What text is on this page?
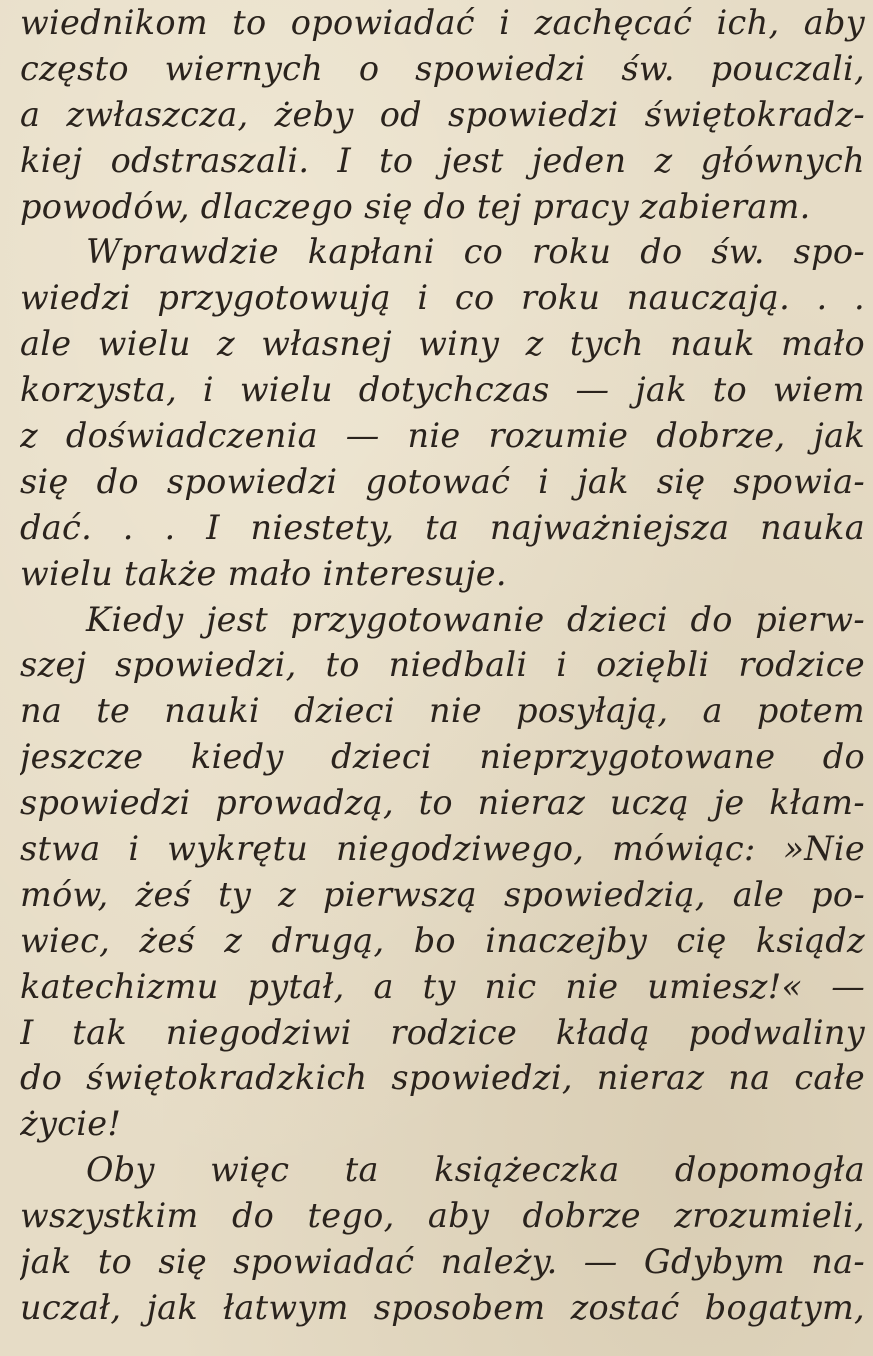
wiednikom to opowiadać i zachęcać ich, aby
często wiernych o spowiedzi św. pouczali,
a zwłaszcza, żeby od spowiedzi świętokradz-
kiej odstraszali. I to jest jeden z głównych
powodów, dlaczego się do tej pracy zabieram.
Wprawdzie kapłani co roku do św. spo-
wiedzi przygotowują i co roku nauczają. . .
ale wielu z własnej winy z tych nauk mało
korzysta, i wielu dotychczas — jak to wiem
z doświadczenia — nie rozumie dobrze, jak
się do spowiedzi gotować i jak się spowia-
dać. . . I niestety, ta najważniejsza nauka
wielu także mało interesuje.
Kiedy jest przygotowanie dzieci do pierw-
szej spowiedzi, to niedbali i oziębli rodzice
na te nauki dzieci nie posyłają, a potem
jeszcze kiedy dzieci nieprzygotowane do
spowiedzi prowadzą, to nieraz uczą je kłam-
stwa i wykrętu niegodziwego, mówiąc: »Nie
mów, żeś ty z pierwszą spowiedzią, ale po-
wiec, żeś z drugą, bo inaczejby cię ksiądz
katechizmu pytał, a ty nic nie umiesz!« —
I tak niegodziwi rodzice kładą podwaliny
do świętokradzkich spowiedzi, nieraz na całe
życie!
Oby więc ta książeczka dopomogła
wszystkim do tego, aby dobrze zrozumieli,
jak to się spowiadać należy. — Gdybym na-
uczał, jak łatwym sposobem zostać bogatym,
